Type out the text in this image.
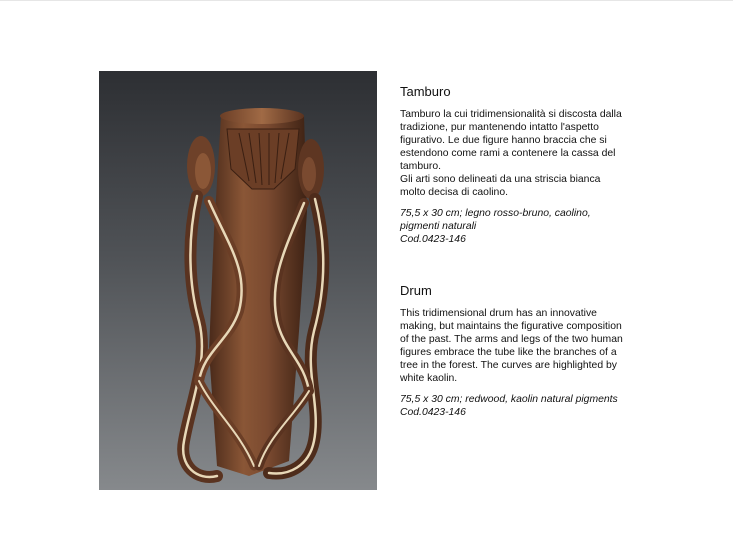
Tamburo

Tamburo la cui tridimensionalità si discosta dalla

tradizione, pur mantenendo intatto l'aspetto

figurativo. Le due figure hanno braccia che si

estendono come rami a contenere la cassa del

tamburo.

Gli arti sono delineati da una striscia bianca

molto decisa di caolino.

75,5 x 30 cm; legno rosso-bruno, caolino,

pigmenti naturali

Cod.0423-146

Drum

This tridimensional drum has an innovative

making, but maintains the figurative composition

of the past. The arms and legs of the two human

figures embrace the tube like the branches of a

tree in the forest. The curves are highlighted by

white kaolin.

75,5 x 30 cm; redwood, kaolin natural pigments

Cod.0423-146
